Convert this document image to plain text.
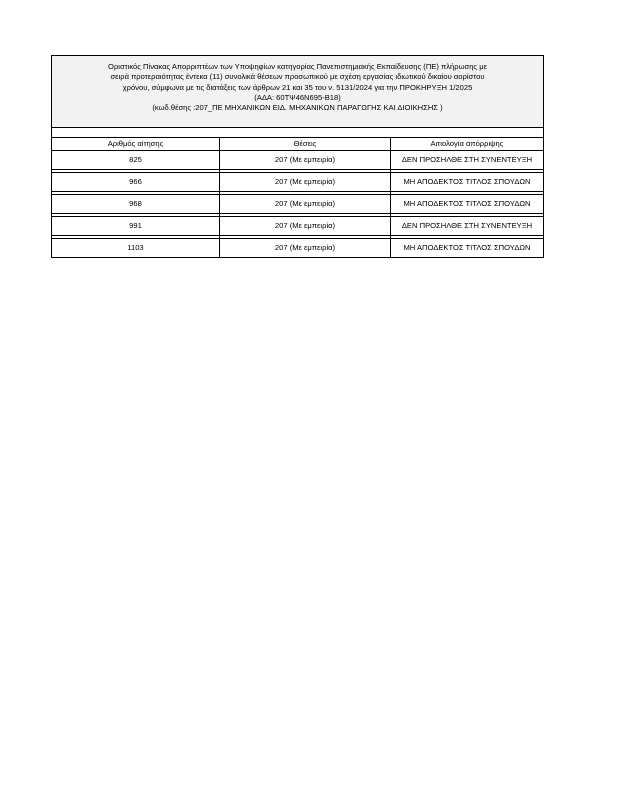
Οριστικός Πίνακας Απορριπτέων των Υποψηφίων κατηγορίας Πανεπιστημιακής Εκπαίδευσης (ΠΕ) πλήρωσης με
σειρά προτεραιότητας έντεκα (11) συνολικά θέσεων προσωπικού με σχέση εργασίας ιδιωτικού δικαίου αορίστου
χρόνου, σύμφωνα με τις διατάξεις των άρθρων 21 και 35 του ν. 5131/2024 για την ΠΡΟΚΗΡΥΞΗ 1/2025
(ΑΔΑ: 60ΤΨ46Ν695-Β18)
(κωδ.θέσης :207_ΠΕ ΜΗΧΑΝΙΚΩΝ ΕΙΔ. ΜΗΧΑΝΙΚΩΝ ΠΑΡΑΓΩΓΗΣ ΚΑΙ ΔΙΟΙΚΗΣΗΣ )		

Αριθμός αίτησης	Θέσεις	Αιτιολογία απόρριψης
825	207 (Με εμπειρία)	ΔΕΝ ΠΡΟΣΗΛΘΕ ΣΤΗ ΣΥΝΕΝΤΕΥΞΗ

966	207 (Με εμπειρία)	ΜΗ ΑΠΟΔΕΚΤΟΣ ΤΙΤΛΟΣ ΣΠΟΥΔΩΝ

968	207 (Με εμπειρία)	ΜΗ ΑΠΟΔΕΚΤΟΣ ΤΙΤΛΟΣ ΣΠΟΥΔΩΝ

991	207 (Με εμπειρία)	ΔΕΝ ΠΡΟΣΗΛΘΕ ΣΤΗ ΣΥΝΕΝΤΕΥΞΗ

1103	207 (Με εμπειρία)	ΜΗ ΑΠΟΔΕΚΤΟΣ ΤΙΤΛΟΣ ΣΠΟΥΔΩΝ
